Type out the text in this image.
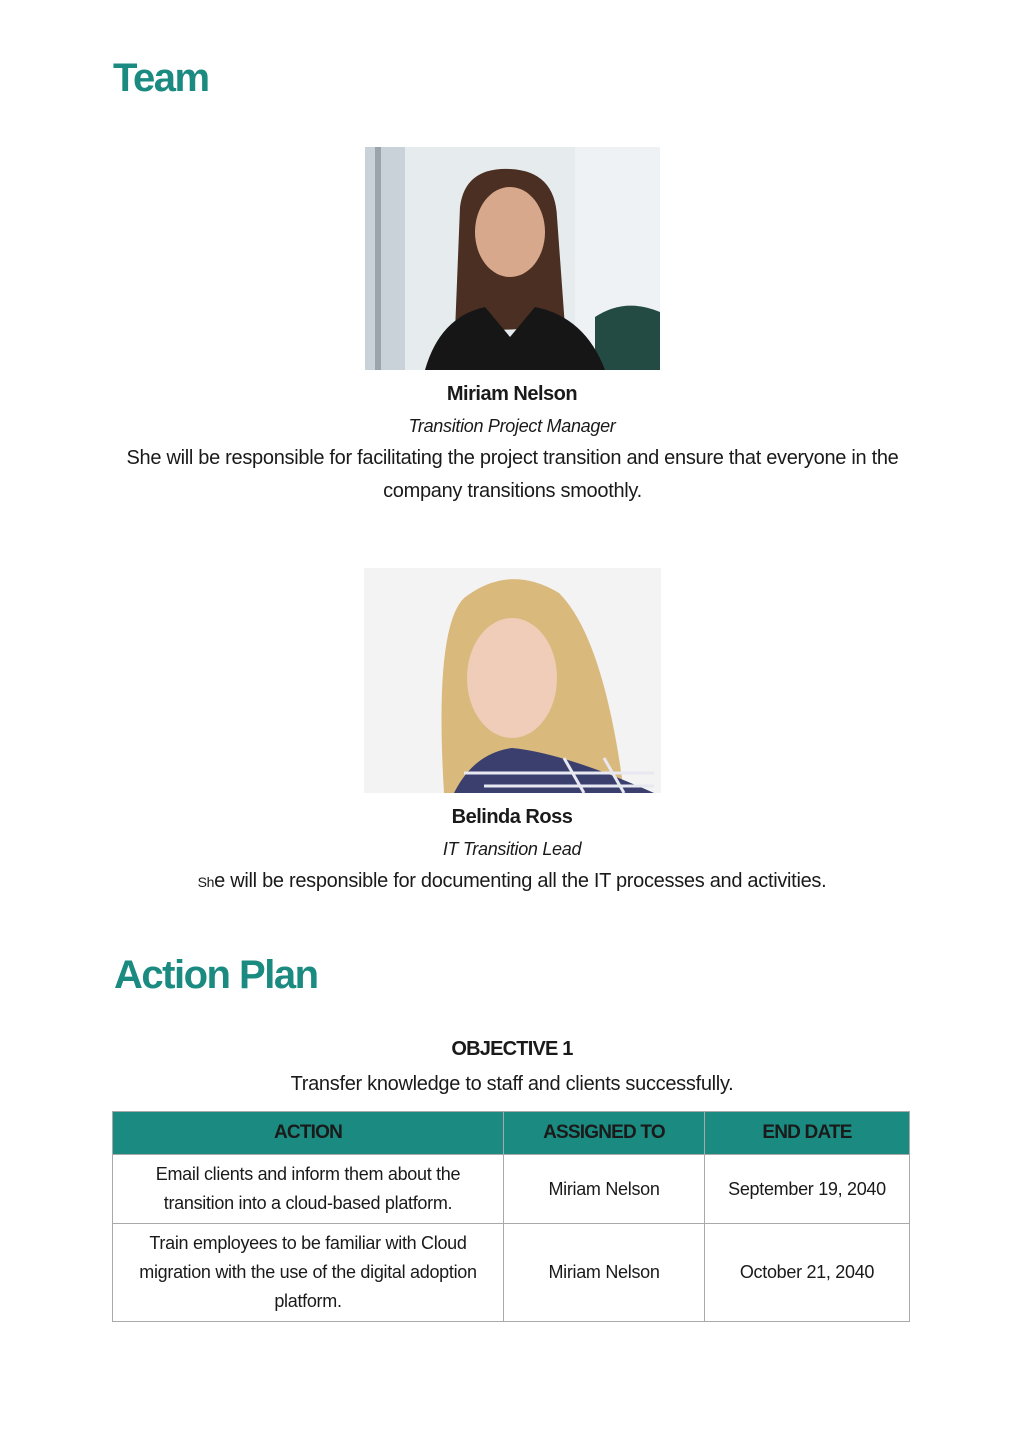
Team
Miriam Nelson
Transition Project Manager
She will be responsible for facilitating the project transition and ensure that everyone in the company transitions smoothly.
Belinda Ross
IT Transition Lead
She will be responsible for documenting all the IT processes and activities.
Action Plan
OBJECTIVE 1
Transfer knowledge to staff and clients successfully.
ACTION	ASSIGNED TO	END DATE
Email clients and inform them about the transition into a cloud-based platform.	Miriam Nelson	September 19, 2040
Train employees to be familiar with Cloud migration with the use of the digital adoption platform.	Miriam Nelson	October 21, 2040
